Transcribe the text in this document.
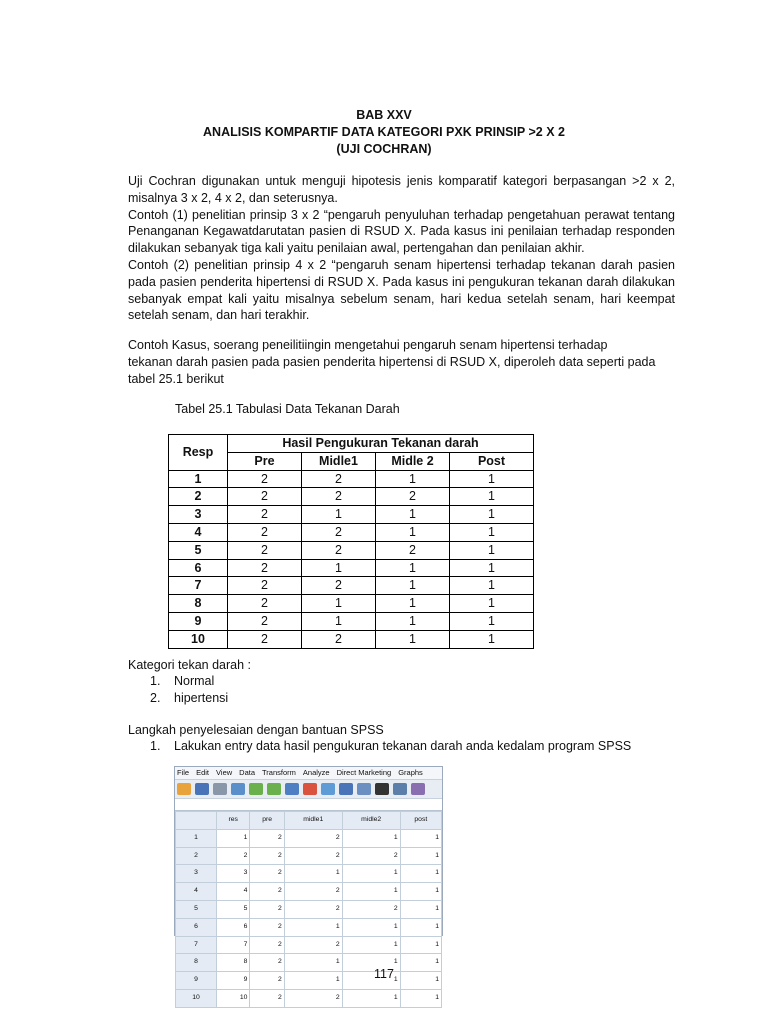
BAB XXV
ANALISIS KOMPARTIF DATA KATEGORI PXK PRINSIP >2 X 2
(UJI COCHRAN)

Uji Cochran digunakan untuk menguji hipotesis jenis komparatif kategori berpasangan >2 x 2, misalnya 3 x 2, 4 x 2, dan seterusnya.

Contoh (1) penelitian prinsip 3 x 2 “pengaruh penyuluhan terhadap pengetahuan perawat tentang Penanganan Kegawatdarutatan pasien di RSUD X. Pada kasus ini penilaian terhadap responden dilakukan sebanyak tiga kali yaitu penilaian awal, pertengahan dan penilaian akhir.

Contoh (2) penelitian prinsip 4 x 2 “pengaruh senam hipertensi terhadap tekanan darah pasien pada pasien penderita hipertensi di RSUD X. Pada kasus ini pengukuran tekanan darah dilakukan sebanyak empat kali yaitu misalnya sebelum senam, hari kedua setelah senam, hari keempat setelah senam, dan hari terakhir.

Contoh Kasus, soerang peneilitiingin mengetahui pengaruh senam hipertensi terhadap
tekanan darah pasien pada pasien penderita hipertensi di RSUD X, diperoleh data seperti pada
tabel 25.1 berikut
Tabel 25.1 Tabulasi Data Tekanan Darah
Resp	Hasil Pengukuran Tekanan darah			
	Pre	Midle1	Midle 2	Post
1	2	2	1	1
2	2	2	2	1
3	2	1	1	1
4	2	2	1	1
5	2	2	2	1
6	2	1	1	1
7	2	2	1	1
8	2	1	1	1
9	2	1	1	1
10	2	2	1	1
Kategori tekan darah :
1. Normal
2. hipertensi
Langkah penyelesaian dengan bantuan SPSS
1. Lakukan entry data hasil pengukuran tekanan darah anda kedalam program SPSS
File Edit View Data Transform Analyze Direct Marketing Graphs
	res	pre	midle1	midle2	post
1	1	2	2	1	1
2	2	2	2	2	1
3	3	2	1	1	1
4	4	2	2	1	1
5	5	2	2	2	1
6	6	2	1	1	1
7	7	2	2	1	1
8	8	2	1	1	1
9	9	2	1	1	1
10	10	2	2	1	1
117
